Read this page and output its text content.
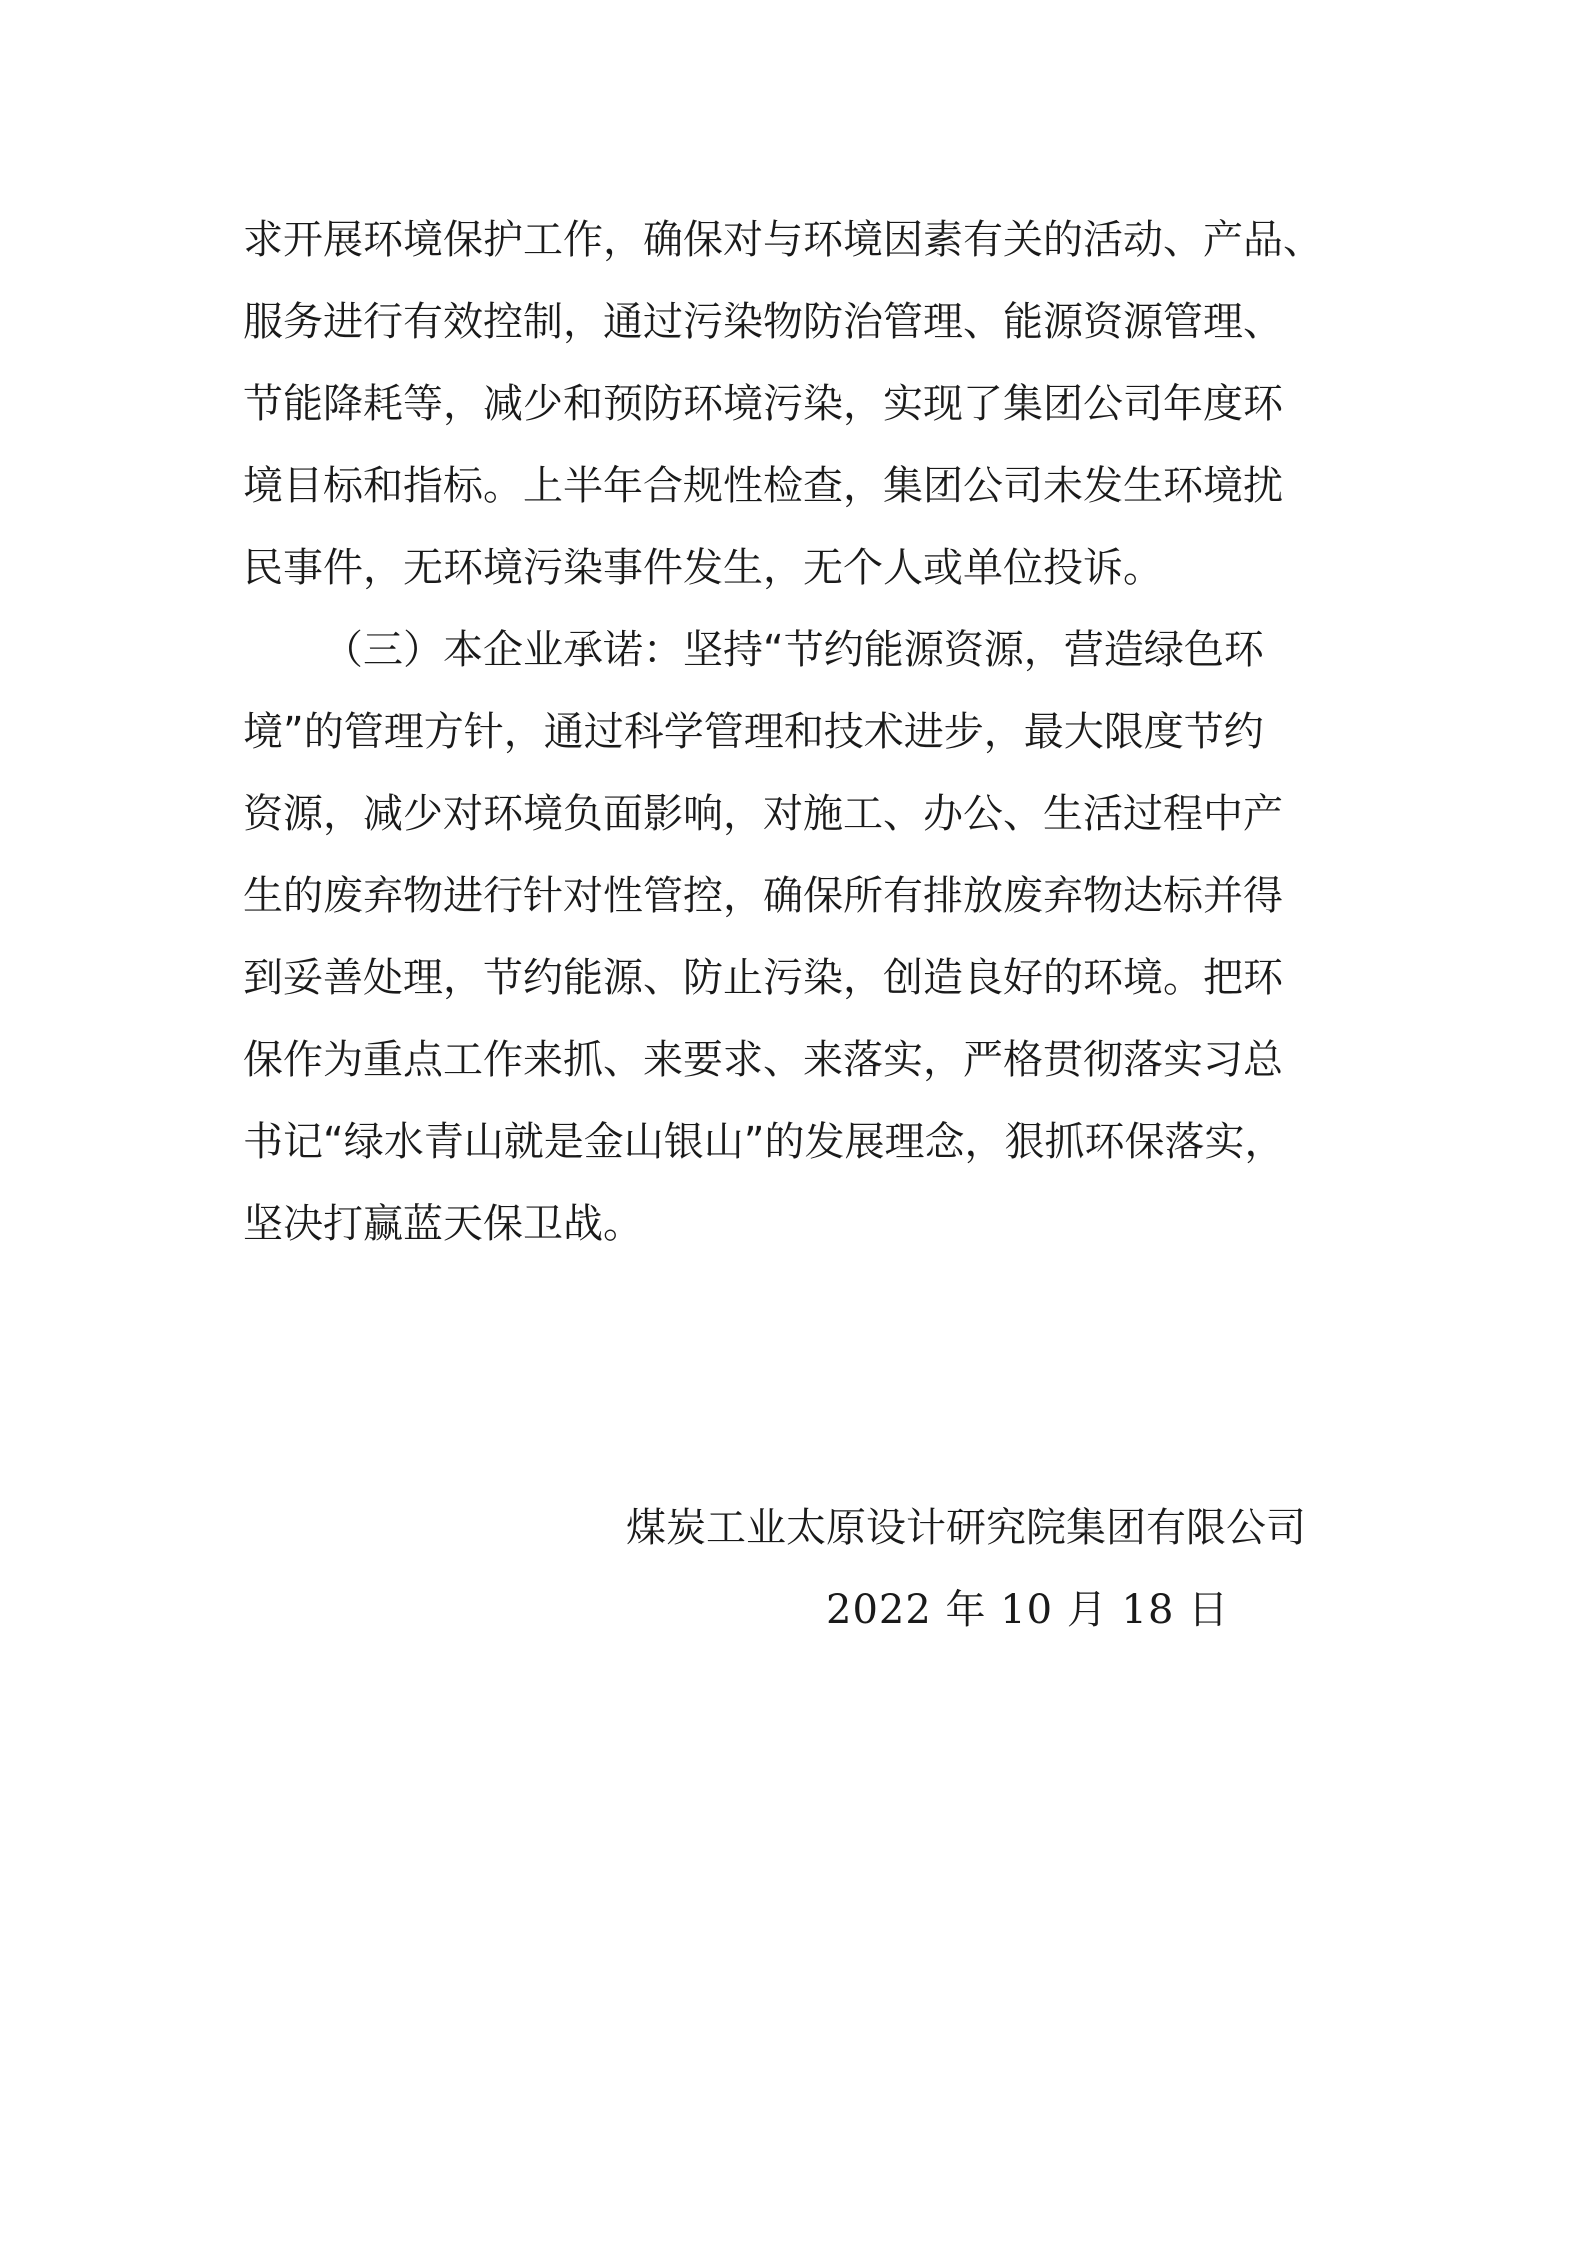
求开展环境保护工作，确保对与环境因素有关的活动、产品、
服务进行有效控制，通过污染物防治管理、能源资源管理、
节能降耗等，减少和预防环境污染，实现了集团公司年度环
境目标和指标。上半年合规性检查，集团公司未发生环境扰
民事件，无环境污染事件发生，无个人或单位投诉。
（三）本企业承诺：坚持“节约能源资源，营造绿色环
境”的管理方针，通过科学管理和技术进步，最大限度节约
资源，减少对环境负面影响，对施工、办公、生活过程中产
生的废弃物进行针对性管控，确保所有排放废弃物达标并得
到妥善处理，节约能源、防止污染，创造良好的环境。把环
保作为重点工作来抓、来要求、来落实，严格贯彻落实习总
书记“绿水青山就是金山银山”的发展理念，狠抓环保落实，
坚决打赢蓝天保卫战。
煤炭工业太原设计研究院集团有限公司
2022 年 10 月 18 日
